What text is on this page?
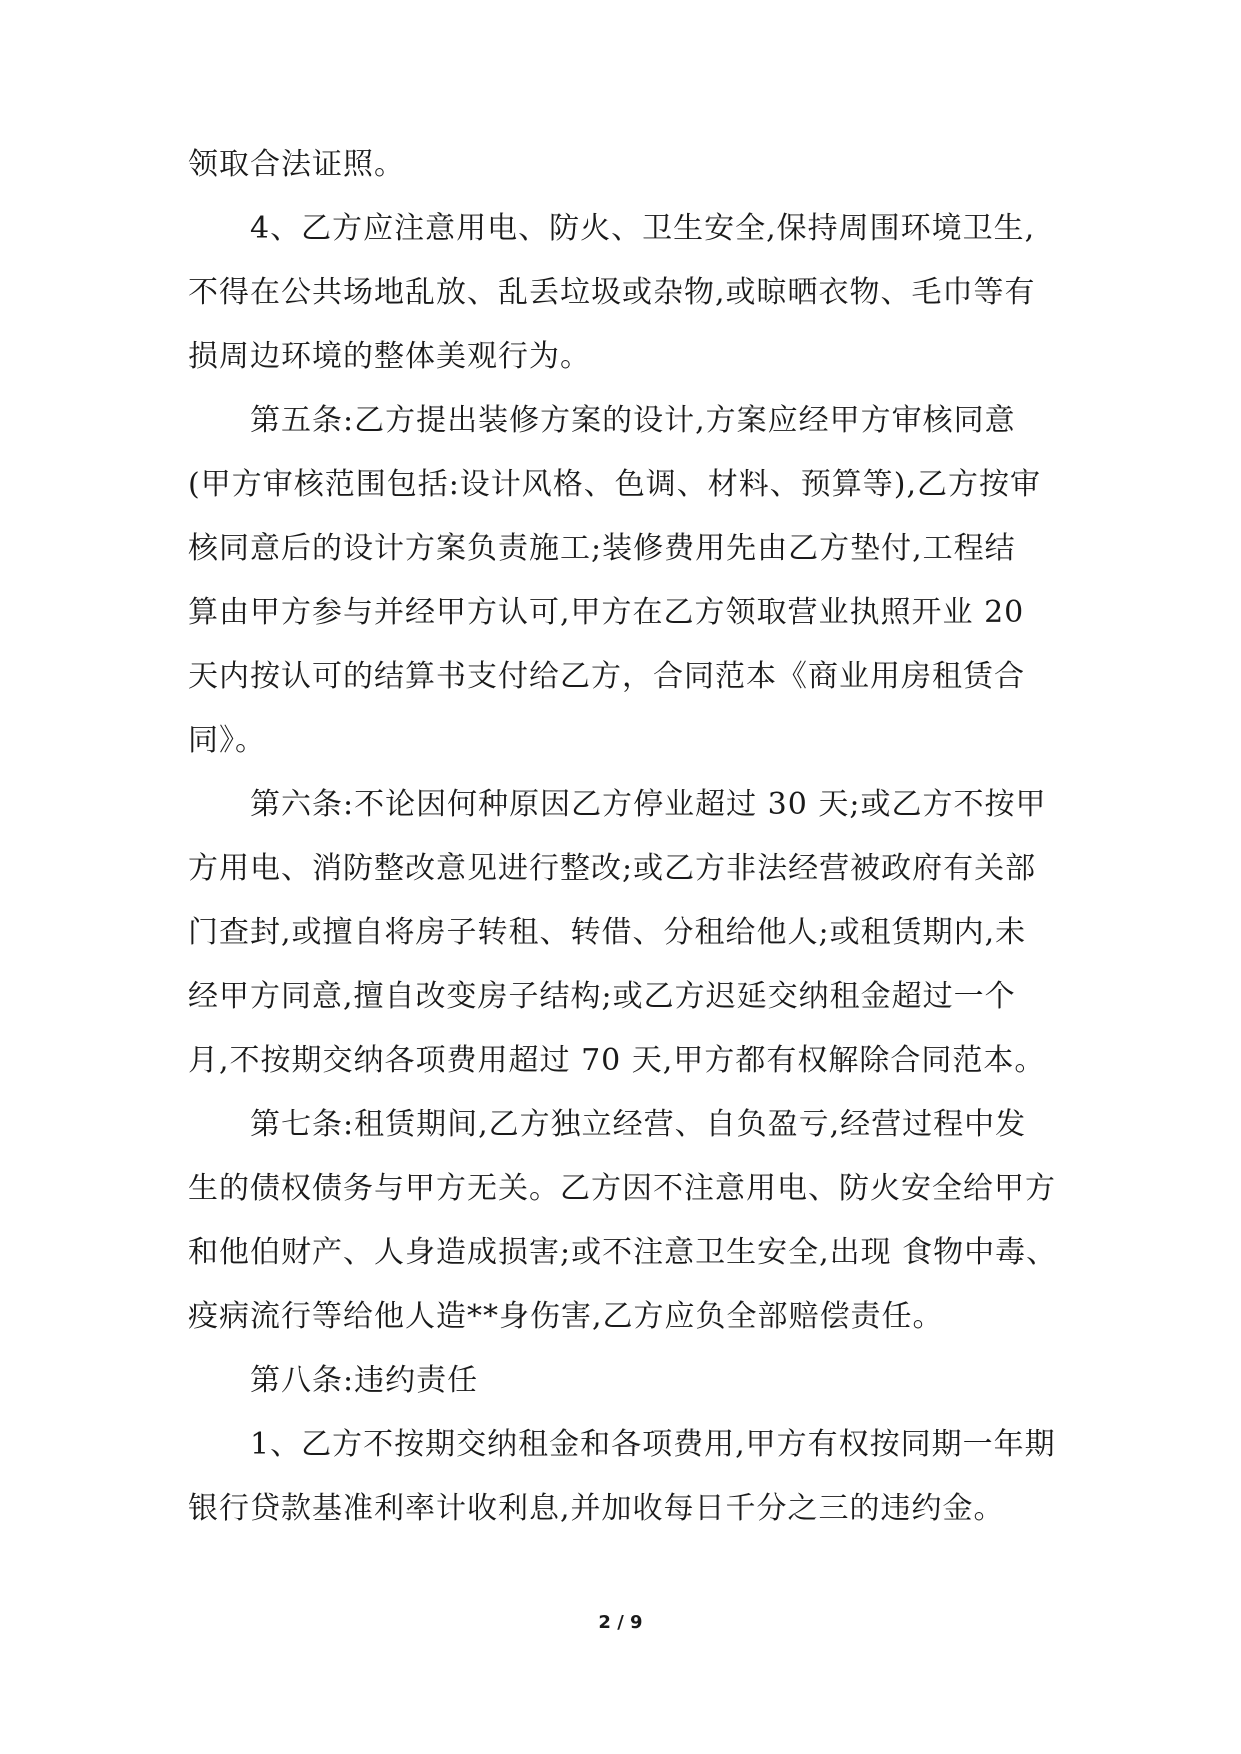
领取合法证照。

4、乙方应注意用电、防火、卫生安全,保持周围环境卫生,

不得在公共场地乱放、乱丢垃圾或杂物,或晾晒衣物、毛巾等有

损周边环境的整体美观行为。

第五条:乙方提出装修方案的设计,方案应经甲方审核同意

(甲方审核范围包括:设计风格、色调、材料、预算等),乙方按审

核同意后的设计方案负责施工;装修费用先由乙方垫付,工程结

算由甲方参与并经甲方认可,甲方在乙方领取营业执照开业 20

天内按认可的结算书支付给乙方，合同范本《商业用房租赁合

同》。

第六条:不论因何种原因乙方停业超过 30 天;或乙方不按甲

方用电、消防整改意见进行整改;或乙方非法经营被政府有关部

门查封,或擅自将房子转租、转借、分租给他人;或租赁期内,未

经甲方同意,擅自改变房子结构;或乙方迟延交纳租金超过一个

月,不按期交纳各项费用超过 70 天,甲方都有权解除合同范本。

第七条:租赁期间,乙方独立经营、自负盈亏,经营过程中发

生的债权债务与甲方无关。乙方因不注意用电、防火安全给甲方

和他伯财产、人身造成损害;或不注意卫生安全,出现 食物中毒、

疫病流行等给他人造**身伤害,乙方应负全部赔偿责任。

第八条:违约责任

1、乙方不按期交纳租金和各项费用,甲方有权按同期一年期

银行贷款基准利率计收利息,并加收每日千分之三的违约金。

2 / 9
